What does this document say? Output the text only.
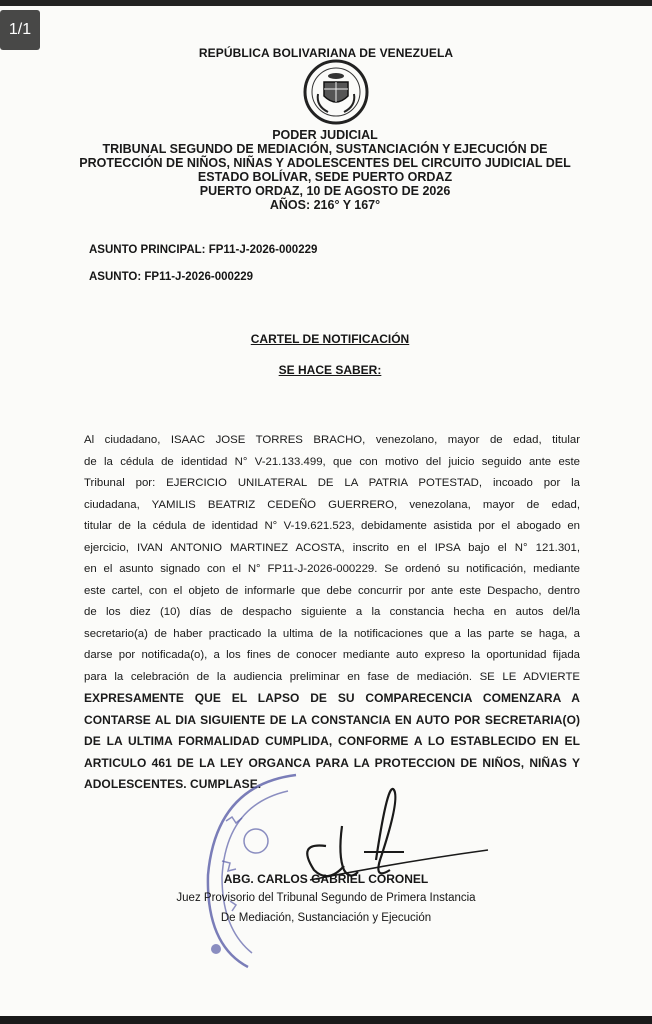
1/1
REPÚBLICA BOLIVARIANA DE VENEZUELA
PODER JUDICIAL
TRIBUNAL SEGUNDO DE MEDIACIÓN, SUSTANCIACIÓN Y EJECUCIÓN DE
PROTECCIÓN DE NIÑOS, NIÑAS Y ADOLESCENTES DEL CIRCUITO JUDICIAL DEL
ESTADO BOLÍVAR, SEDE PUERTO ORDAZ
PUERTO ORDAZ, 10 DE AGOSTO DE 2026
AÑOS: 216° Y 167°
ASUNTO PRINCIPAL: FP11-J-2026-000229
ASUNTO: FP11-J-2026-000229
CARTEL DE NOTIFICACIÓN
SE HACE SABER:
Al ciudadano, ISAAC JOSE TORRES BRACHO, venezolano, mayor de edad, titular
de la cédula de identidad N° V-21.133.499, que con motivo del juicio seguido ante este
Tribunal por: EJERCICIO UNILATERAL DE LA PATRIA POTESTAD, incoado por la
ciudadana, YAMILIS BEATRIZ CEDEÑO GUERRERO, venezolana, mayor de edad,
titular de la cédula de identidad N° V-19.621.523, debidamente asistida por el abogado en
ejercicio, IVAN ANTONIO MARTINEZ ACOSTA, inscrito en el IPSA bajo el N° 121.301,
en el asunto signado con el N° FP11-J-2026-000229. Se ordenó su notificación, mediante
este cartel, con el objeto de informarle que debe concurrir por ante este Despacho, dentro
de los diez (10) días de despacho siguiente a la constancia hecha en autos del/la
secretario(a) de haber practicado la ultima de la notificaciones que a las parte se haga, a
darse por notificada(o), a los fines de conocer mediante auto expreso la oportunidad fijada
para la celebración de la audiencia preliminar en fase de mediación. SE LE ADVIERTE
EXPRESAMENTE QUE EL LAPSO DE SU COMPARECENCIA COMENZARA A
CONTARSE AL DIA SIGUIENTE DE LA CONSTANCIA EN AUTO POR SECRETARIA(O)
DE LA ULTIMA FORMALIDAD CUMPLIDA, CONFORME A LO ESTABLECIDO EN EL
ARTICULO 461 DE LA LEY ORGANCA PARA LA PROTECCION DE NIÑOS, NIÑAS Y
ADOLESCENTES. CUMPLASE.
ABG. CARLOS GABRIEL CORONEL
Juez Provisorio del Tribunal Segundo de Primera Instancia
De Mediación, Sustanciación y Ejecución
